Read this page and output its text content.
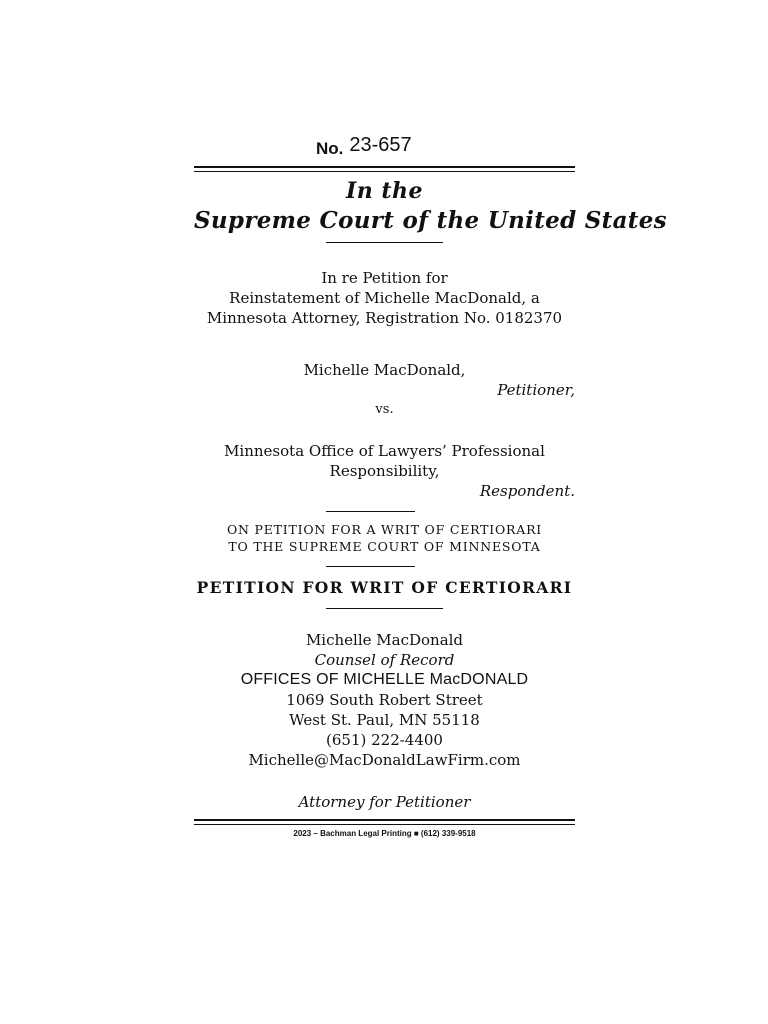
No. 23-657
In the
Supreme Court of the United States
In re Petition for
Reinstatement of Michelle MacDonald, a
Minnesota Attorney, Registration No. 0182370
Michelle MacDonald,
Petitioner,
vs.
Minnesota Office of Lawyers’ Professional
Responsibility,
Respondent.
ON PETITION FOR A WRIT OF CERTIORARI
TO THE SUPREME COURT OF MINNESOTA
PETITION FOR WRIT OF CERTIORARI
Michelle MacDonald
Counsel of Record
OFFICES OF MICHELLE MacDONALD
1069 South Robert Street
West St. Paul, MN 55118
(651) 222-4400
Michelle@MacDonaldLawFirm.com
Attorney for Petitioner
2023 – Bachman Legal Printing ■ (612) 339-9518
